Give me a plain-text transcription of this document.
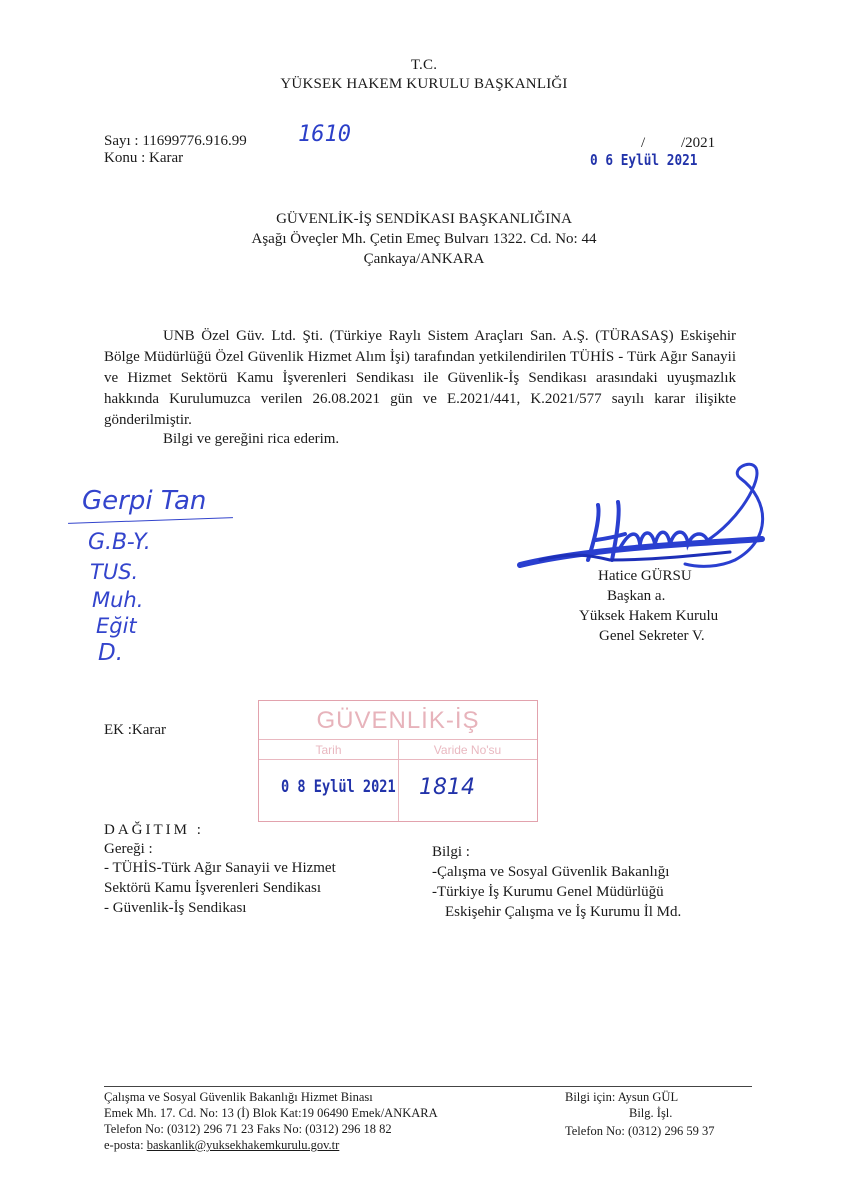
T.C.
YÜKSEK HAKEM KURULU BAŞKANLIĞI
Sayı : 11699776.916.99 1610
Konu : Karar
/ /2021
0 6 Eylül 2021
GÜVENLİK-İŞ SENDİKASI BAŞKANLIĞINA
Aşağı Öveçler Mh. Çetin Emeç Bulvarı 1322. Cd. No: 44
Çankaya/ANKARA
UNB Özel Güv. Ltd. Şti. (Türkiye Raylı Sistem Araçları San. A.Ş. (TÜRASAŞ) Eskişehir Bölge Müdürlüğü Özel Güvenlik Hizmet Alım İşi) tarafından yetkilendirilen TÜHİS - Türk Ağır Sanayii ve Hizmet Sektörü Kamu İşverenleri Sendikası ile Güvenlik-İş Sendikası arasındaki uyuşmazlık hakkında Kurulumuzca verilen 26.08.2021 gün ve E.2021/441, K.2021/577 sayılı karar ilişikte gönderilmiştir.
Bilgi ve gereğini rica ederim.
Gerpi Tan
G.B-Y.
TUS.
Muh.
Eğit
D.
Hatice GÜRSU
Başkan a.
Yüksek Hakem Kurulu
Genel Sekreter V.
EK :Karar	GÜVENLİK-İŞ
Tarih	Varide No'su
0 8 Eylül 2021 1814
DAĞITIM :
Gereği :
- TÜHİS-Türk Ağır Sanayii ve Hizmet
Sektörü Kamu İşverenleri Sendikası
- Güvenlik-İş Sendikası
Bilgi :
-Çalışma ve Sosyal Güvenlik Bakanlığı
-Türkiye İş Kurumu Genel Müdürlüğü
Eskişehir Çalışma ve İş Kurumu İl Md.
Çalışma ve Sosyal Güvenlik Bakanlığı Hizmet Binası
Emek Mh. 17. Cd. No: 13 (İ) Blok Kat:19 06490 Emek/ANKARA
Telefon No: (0312) 296 71 23 Faks No: (0312) 296 18 82
e-posta: baskanlik@yuksekhakemkurulu.gov.tr
Bilgi için: Aysun GÜL
Bilg. İşl.
Telefon No: (0312) 296 59 37
